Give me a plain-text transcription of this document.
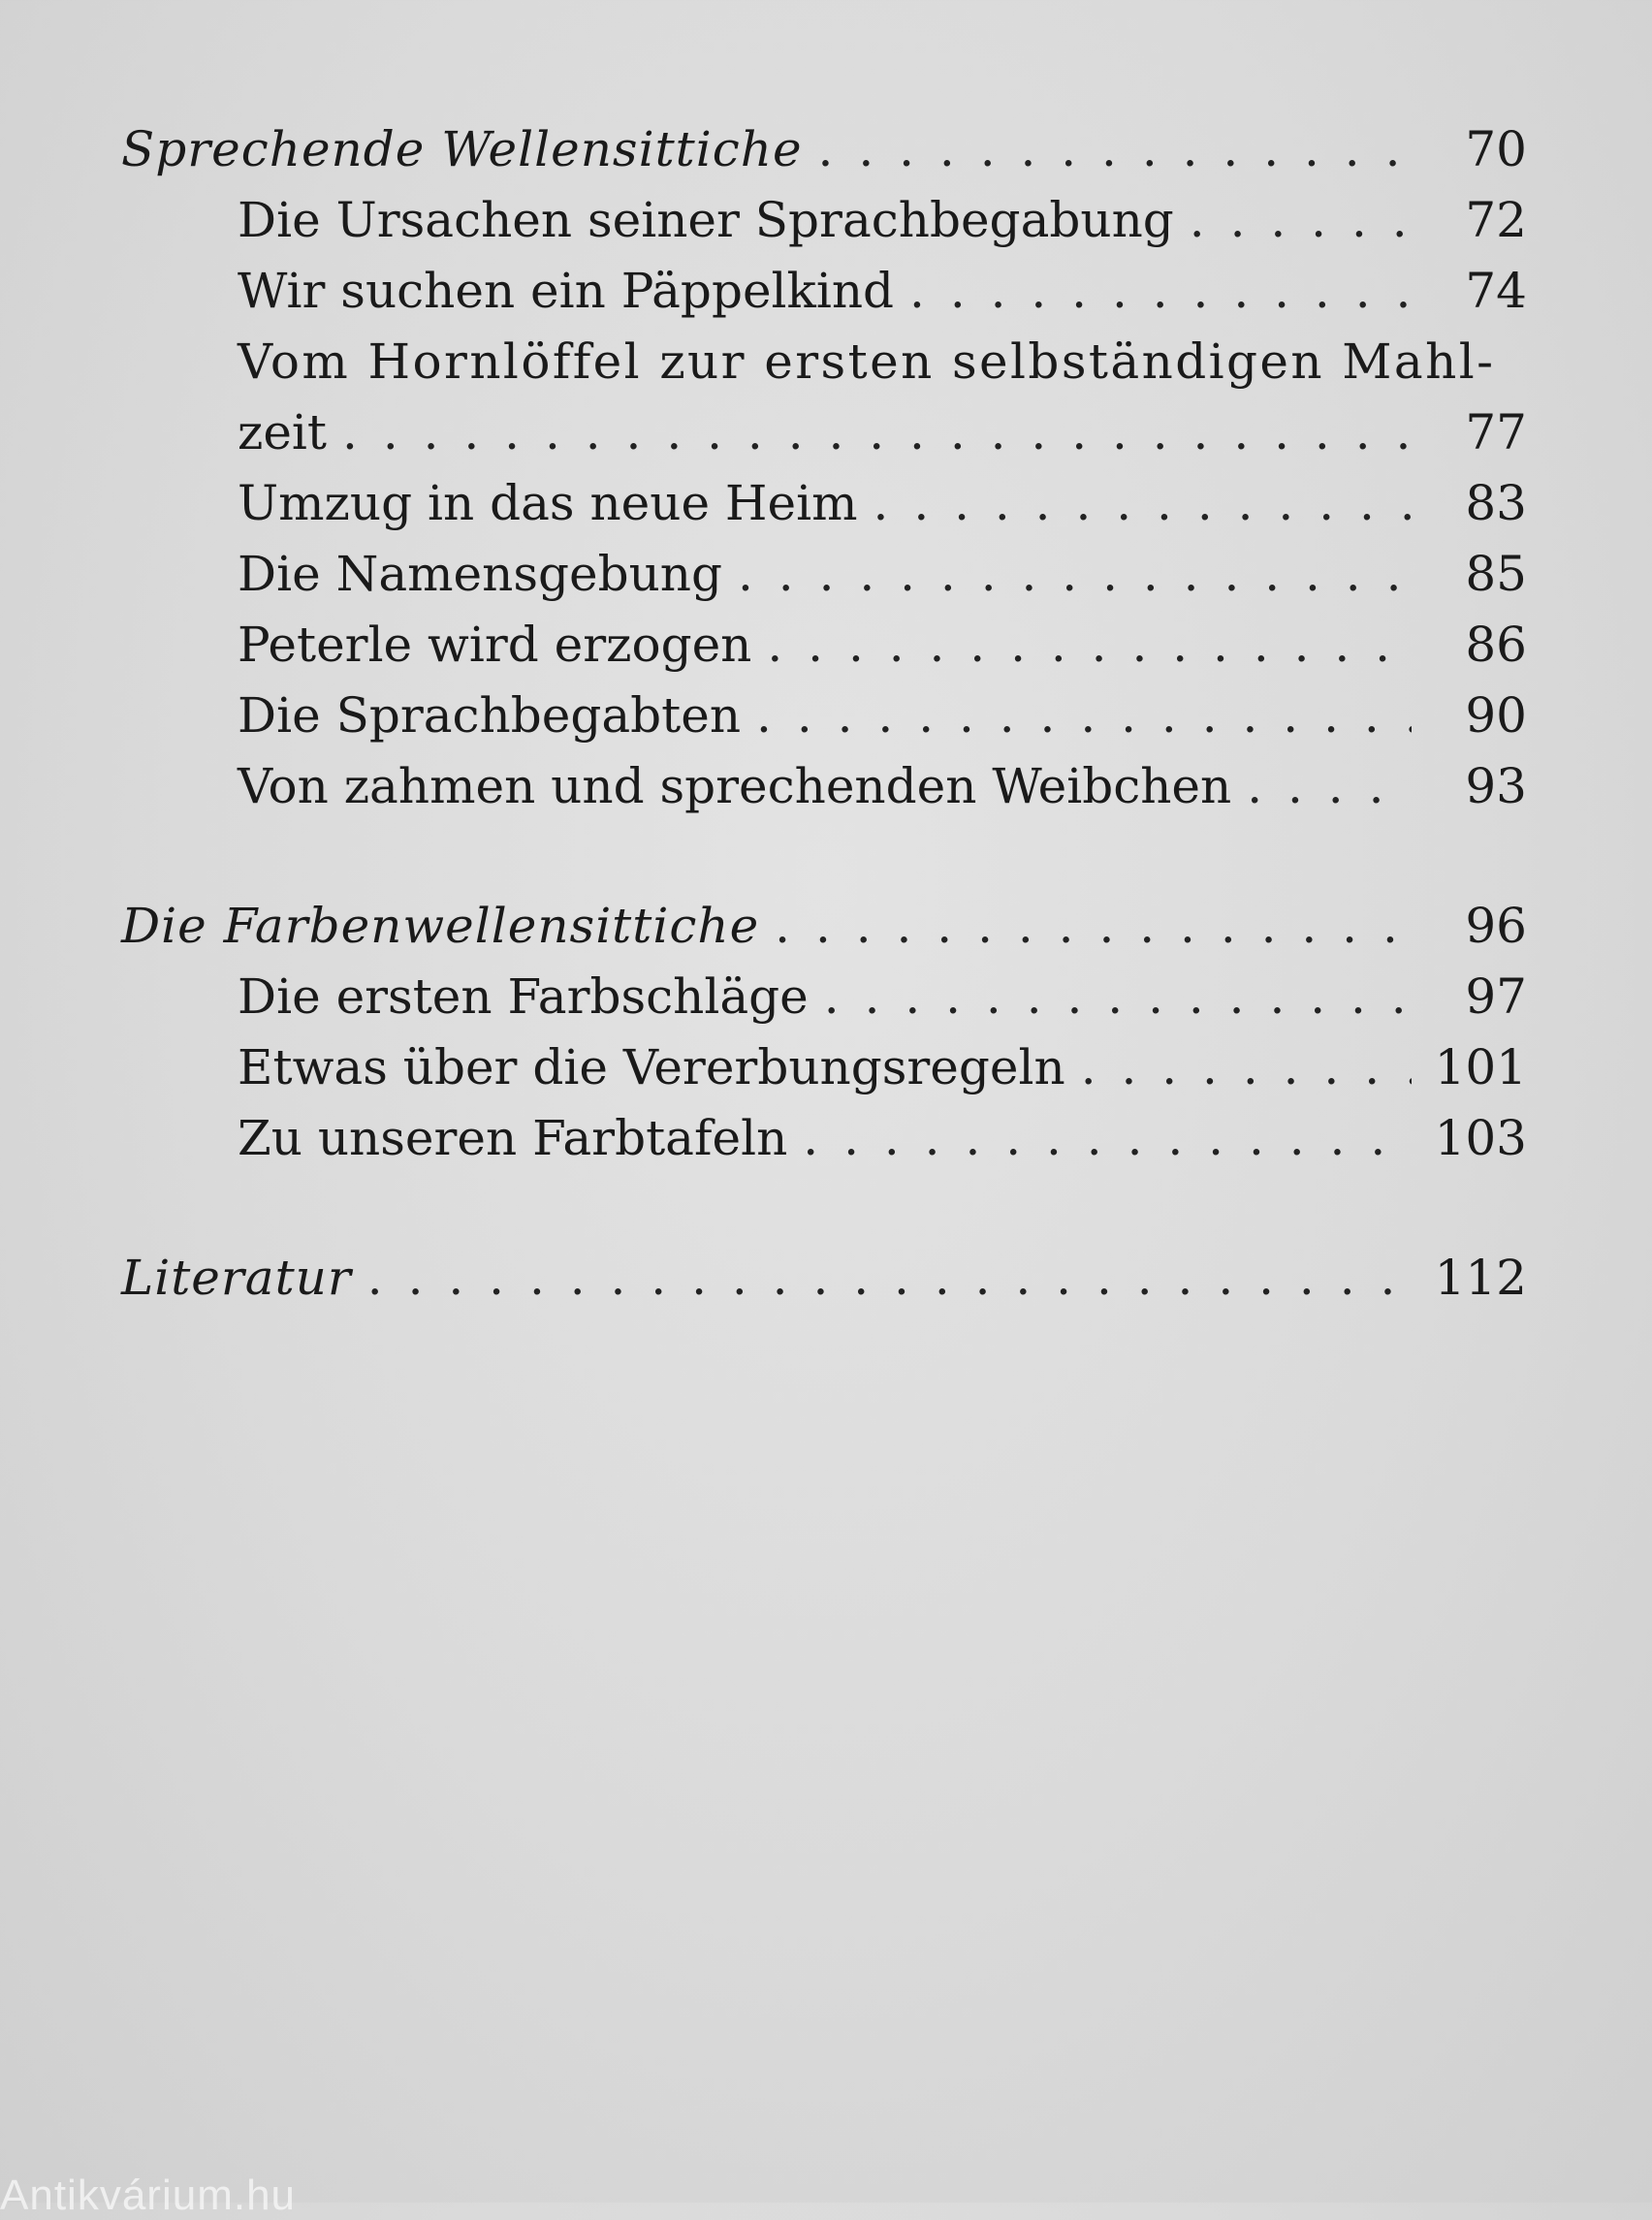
Sprechende Wellensittiche . . .	70
Die Ursachen seiner Sprachbegabung . . .	72
Wir suchen ein Päppelkind . . .	74
Vom Hornlöffel zur ersten selbständigen Mahl-
zeit . . .	77
Umzug in das neue Heim . . .	83
Die Namensgebung . . .	85
Peterle wird erzogen . . .	86
Die Sprachbegabten . . .	90
Von zahmen und sprechenden Weibchen . . .	93
Die Farbenwellensittiche . . .	96
Die ersten Farbschläge . . .	97
Etwas über die Vererbungsregeln . . .	101
Zu unseren Farbtafeln . . .	103
Literatur . . .	112
Antikvárium.hu
